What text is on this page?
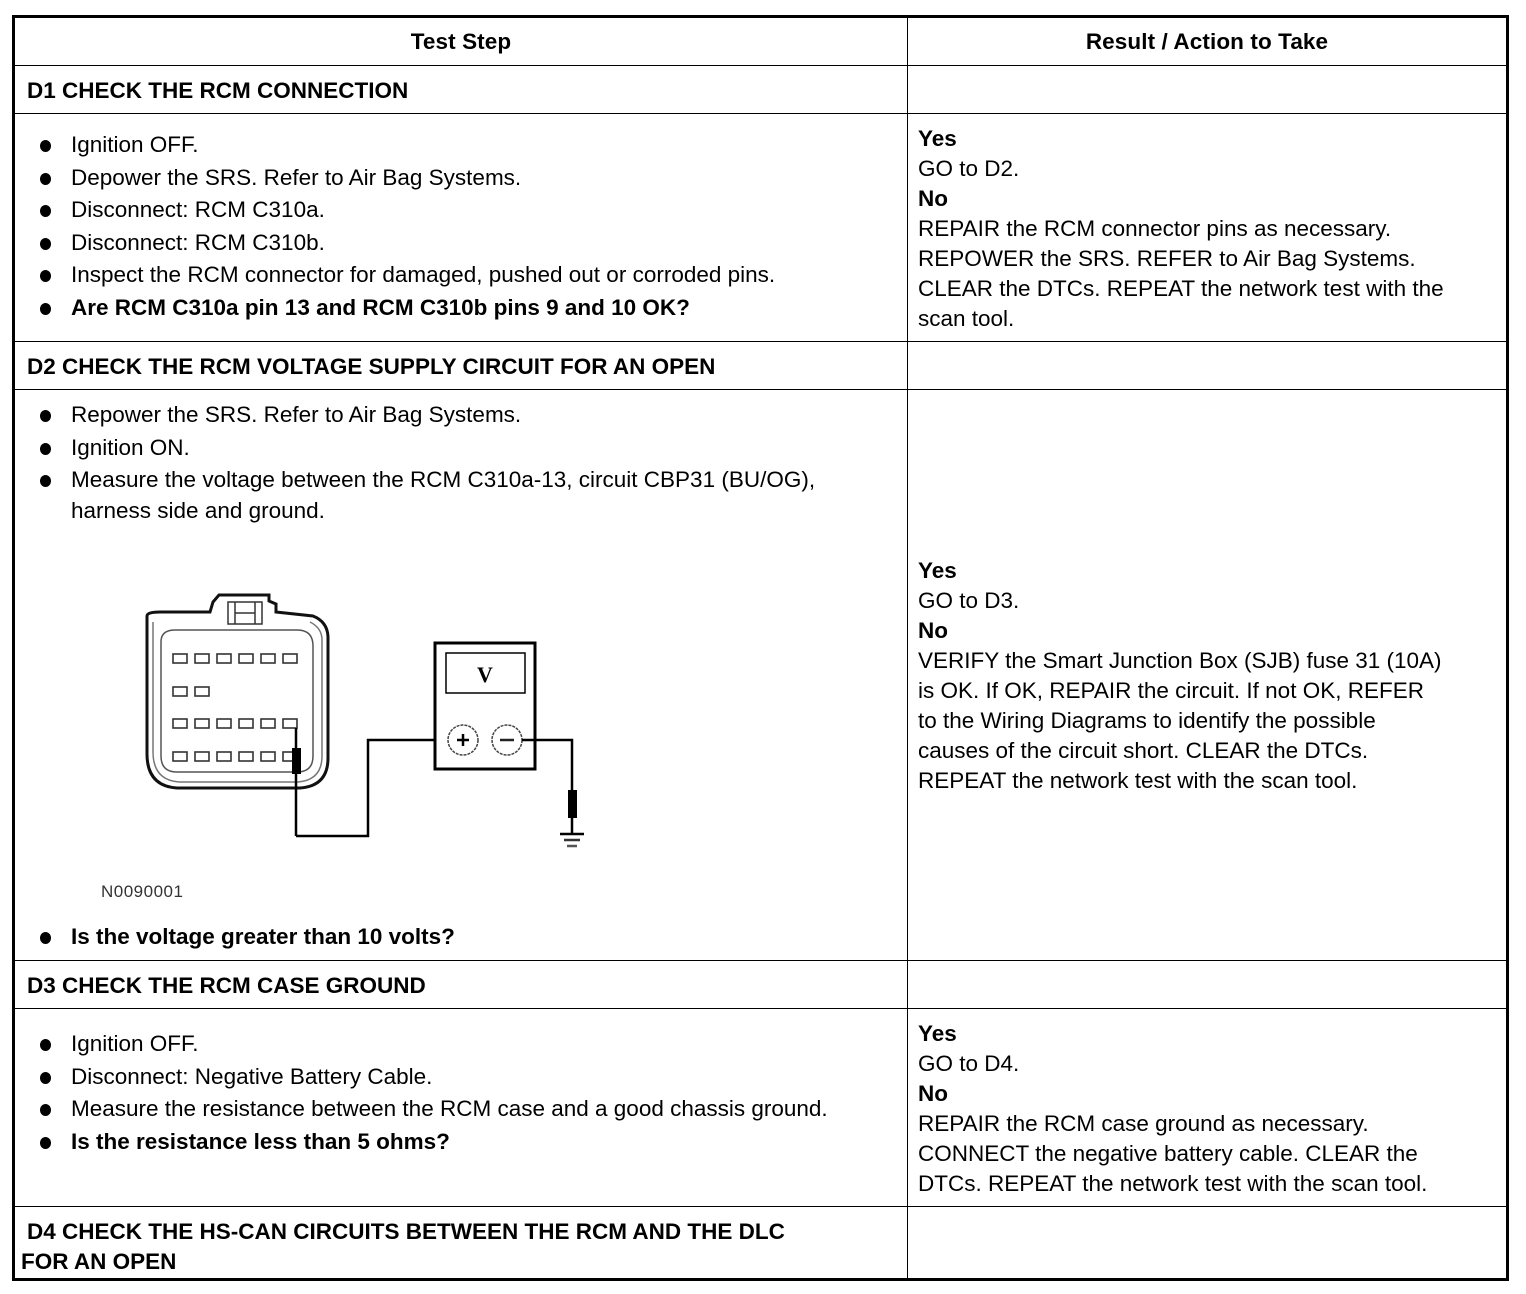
Test Step	Result / Action to Take
D1 CHECK THE RCM CONNECTION
Ignition OFF.
Depower the SRS. Refer to Air Bag Systems.
Disconnect: RCM C310a.
Disconnect: RCM C310b.
Inspect the RCM connector for damaged, pushed out or corroded pins.
Are RCM C310a pin 13 and RCM C310b pins 9 and 10 OK?
Yes
GO to D2.
No
REPAIR the RCM connector pins as necessary.
REPOWER the SRS. REFER to Air Bag Systems.
CLEAR the DTCs. REPEAT the network test with the
scan tool.
D2 CHECK THE RCM VOLTAGE SUPPLY CIRCUIT FOR AN OPEN
Repower the SRS. Refer to Air Bag Systems.
Ignition ON.
Measure the voltage between the RCM C310a-13, circuit CBP31 (BU/OG), harness side and ground.
V
N0090001
Is the voltage greater than 10 volts?
Yes
GO to D3.
No
VERIFY the Smart Junction Box (SJB) fuse 31 (10A)
is OK. If OK, REPAIR the circuit. If not OK, REFER
to the Wiring Diagrams to identify the possible
causes of the circuit short. CLEAR the DTCs.
REPEAT the network test with the scan tool.
D3 CHECK THE RCM CASE GROUND
Ignition OFF.
Disconnect: Negative Battery Cable.
Measure the resistance between the RCM case and a good chassis ground.
Is the resistance less than 5 ohms?
Yes
GO to D4.
No
REPAIR the RCM case ground as necessary.
CONNECT the negative battery cable. CLEAR the
DTCs. REPEAT the network test with the scan tool.
D4 CHECK THE HS-CAN CIRCUITS BETWEEN THE RCM AND THE DLC
FOR AN OPEN
